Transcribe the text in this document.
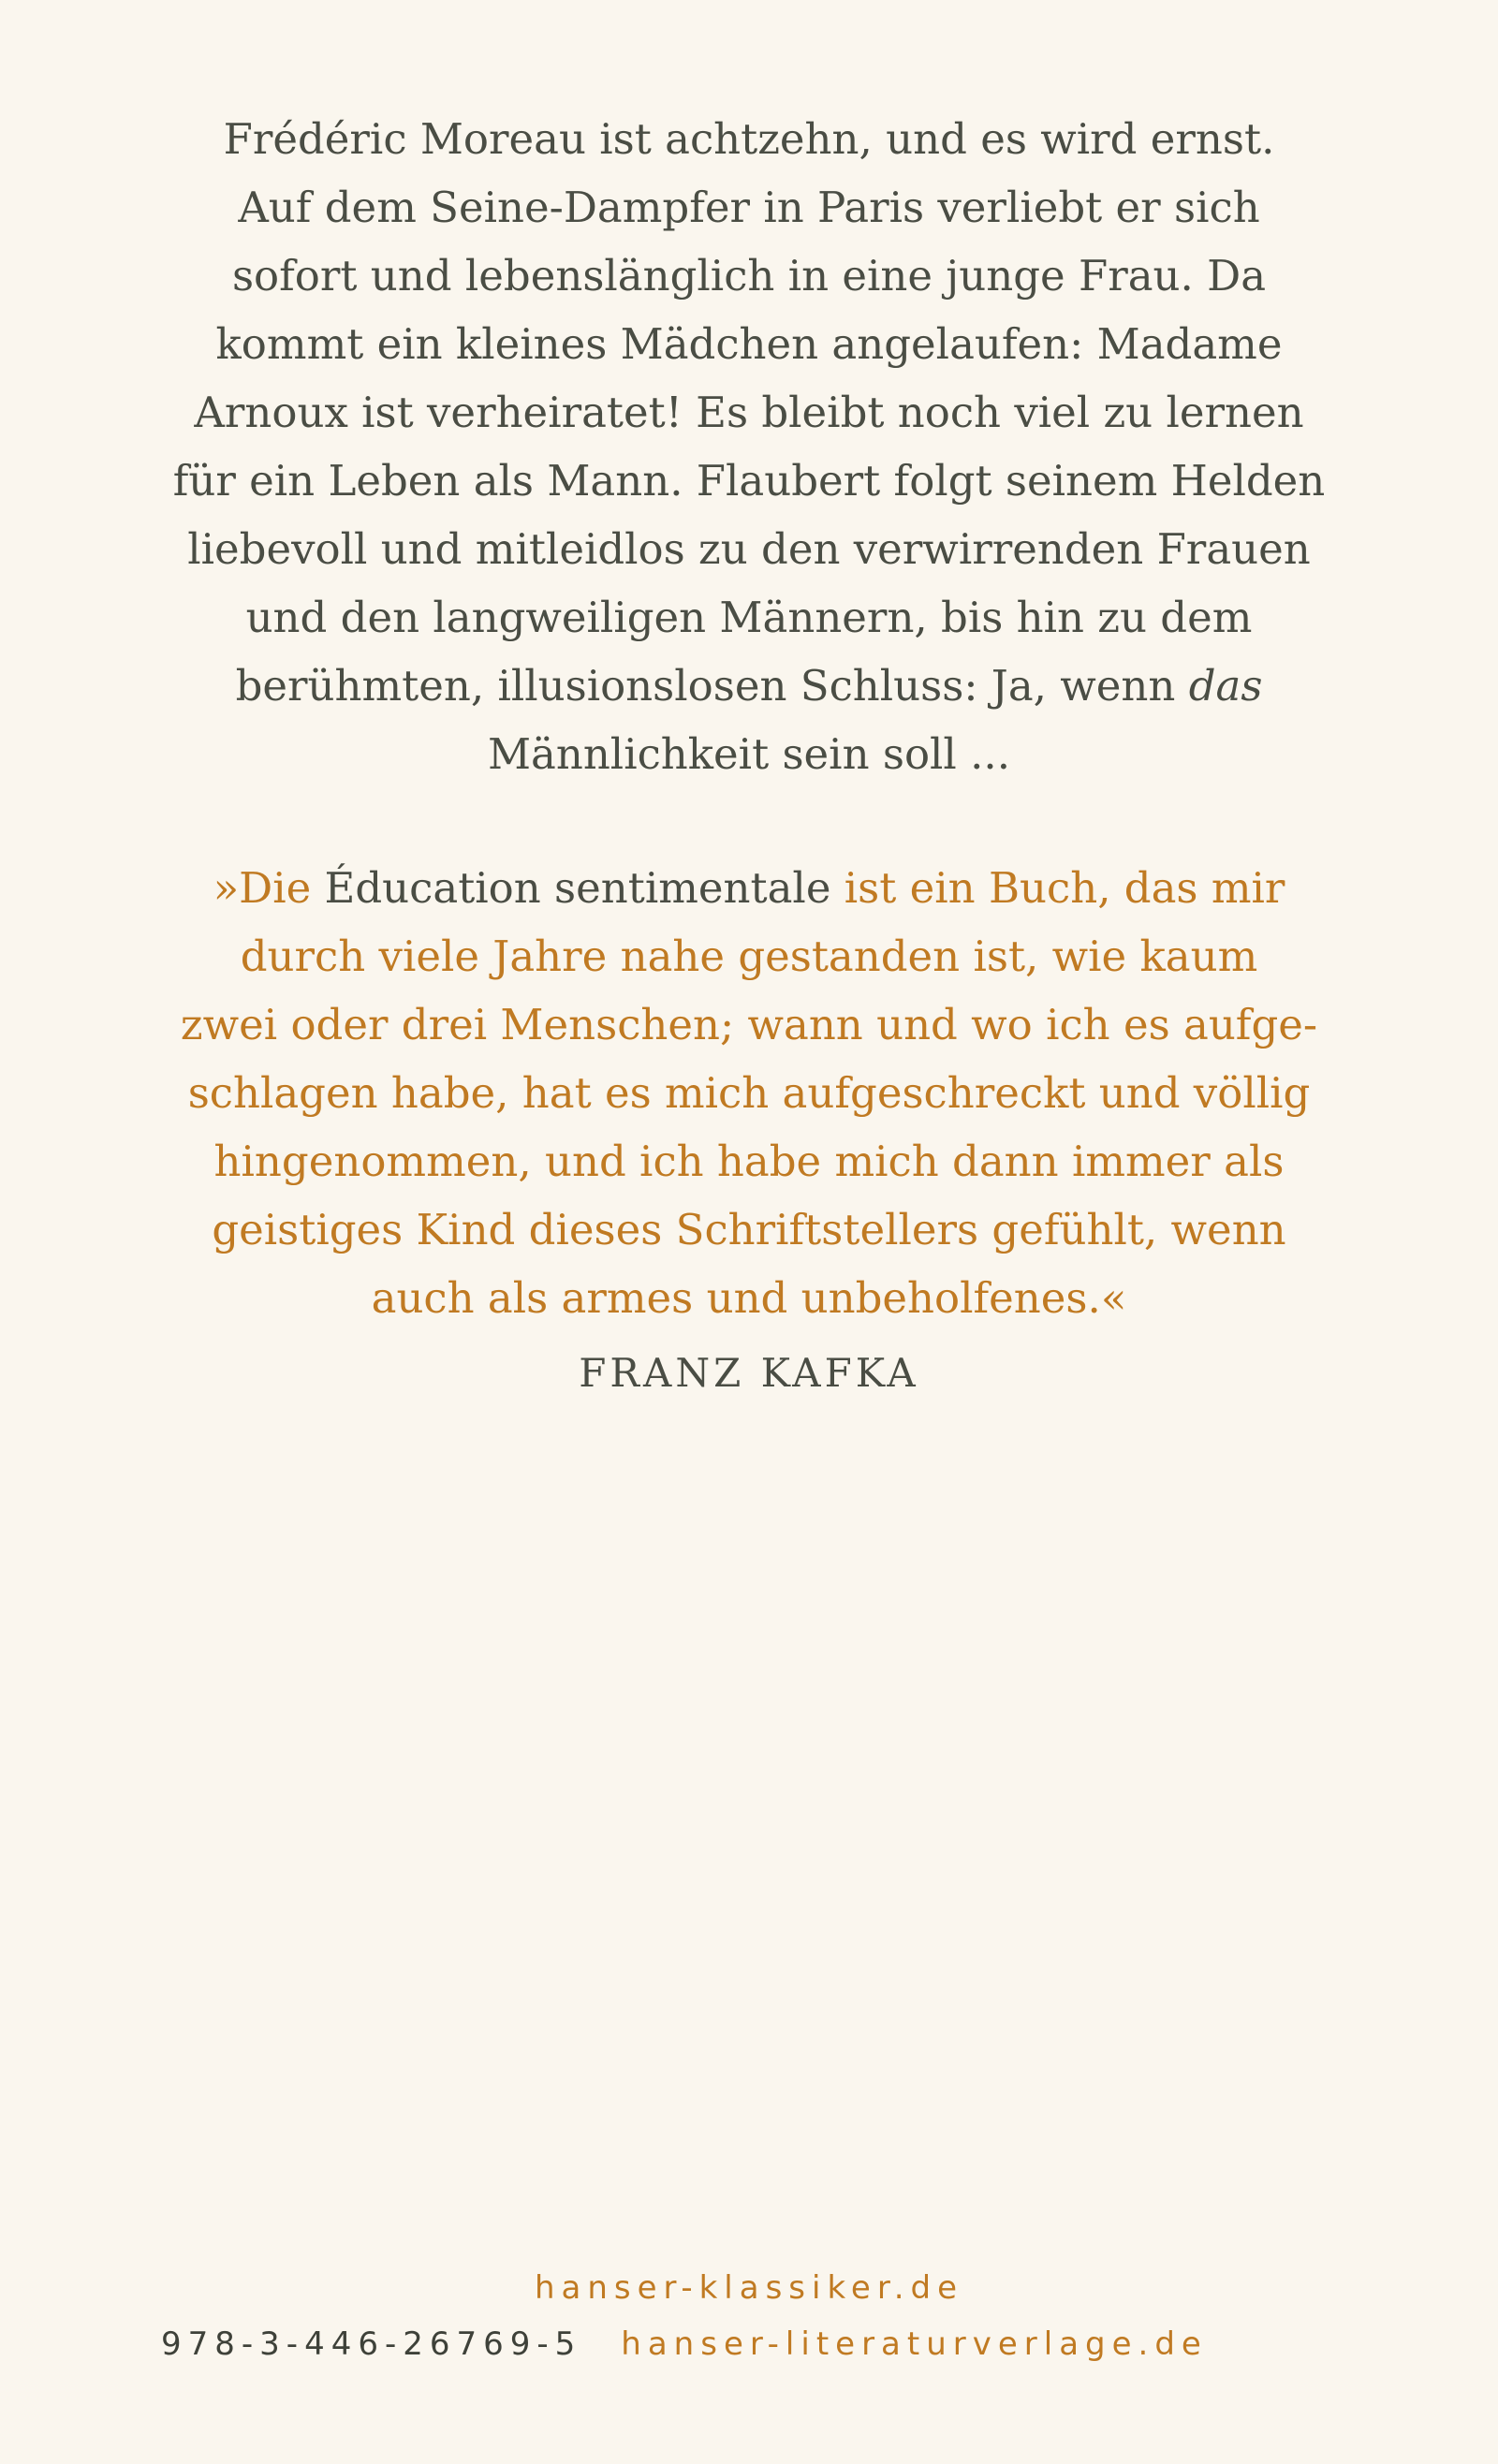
Frédéric Moreau ist achtzehn, und es wird ernst.
Auf dem Seine-Dampfer in Paris verliebt er sich
sofort und lebenslänglich in eine junge Frau. Da
kommt ein kleines Mädchen angelaufen: Madame
Arnoux ist verheiratet! Es bleibt noch viel zu lernen
für ein Leben als Mann. Flaubert folgt seinem Helden
liebevoll und mitleidlos zu den verwirrenden Frauen
und den langweiligen Männern, bis hin zu dem
berühmten, illusionslosen Schluss: Ja, wenn das
Männlichkeit sein soll ...
»Die Éducation sentimentale ist ein Buch, das mir
durch viele Jahre nahe gestanden ist, wie kaum
zwei oder drei Menschen; wann und wo ich es aufge-
schlagen habe, hat es mich aufgeschreckt und völlig
hingenommen, und ich habe mich dann immer als
geistiges Kind dieses Schriftstellers gefühlt, wenn
auch als armes und unbeholfenes.«
FRANZ KAFKA
hanser-klassiker.de
978-3-446-26769-5 hanser-literaturverlage.de
